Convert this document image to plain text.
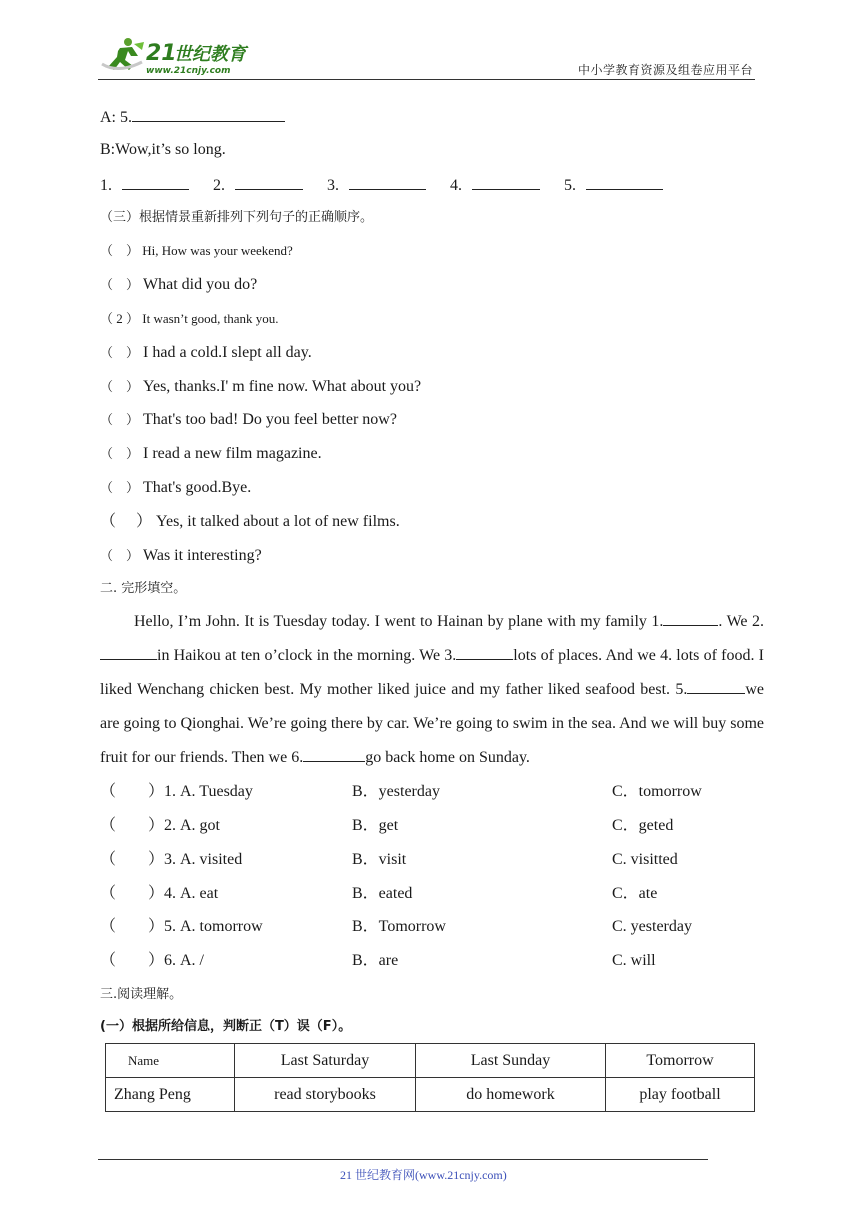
21
世纪教育
www.21cnjy.com	中小学教育资源及组卷应用平台
A: 5.
B:Wow,it’s so long.
1.	2.	3.	4.	5.
（三）根据情景重新排列下列句子的正确顺序。
（　） Hi, How was your weekend?
（　） What did you do?
（ 2 ） It wasn’t good, thank you.
（　） I had a cold.I slept all day.
（　） Yes, thanks.I' m fine now. What about you?
（　） That's too bad! Do you feel better now?
（　） I read a new film magazine.
（　） That's good.Bye.
（　 ） Yes, it talked about a lot of new films.
（　） Was it interesting?
二. 完形填空。
Hello, I’m John. It is Tuesday today. I went to Hainan by plane with my family 1.	. We 2.in Haikou at ten o’clock in the morning. We 3.	lots of places. And we 4. lots of food. I liked Wenchang chicken best. My mother liked juice and my father liked seafood best. 5.	we are going to Qionghai. We’re going there by car. We’re going to swim in the sea. And we will buy some fruit for our friends. Then we 6.	go back home on Sunday.
（　　）1. A. Tuesday	B．yesterday	C．tomorrow
（　　）2. A. got	B．get	C．geted
（　　）3. A. visited	B．visit	C. visitted
（　　）4. A. eat	B．eated	C．ate
（　　）5. A. tomorrow	B．Tomorrow	C. yesterday
（　　）6. A. /	B．are	C. will
三.阅读理解。
(一）根据所给信息，判断正（T）误（F）。
Name	Last Saturday	Last Sunday	Tomorrow
Zhang Peng	read storybooks	do homework	play football
21 世纪教育网(www.21cnjy.com)
